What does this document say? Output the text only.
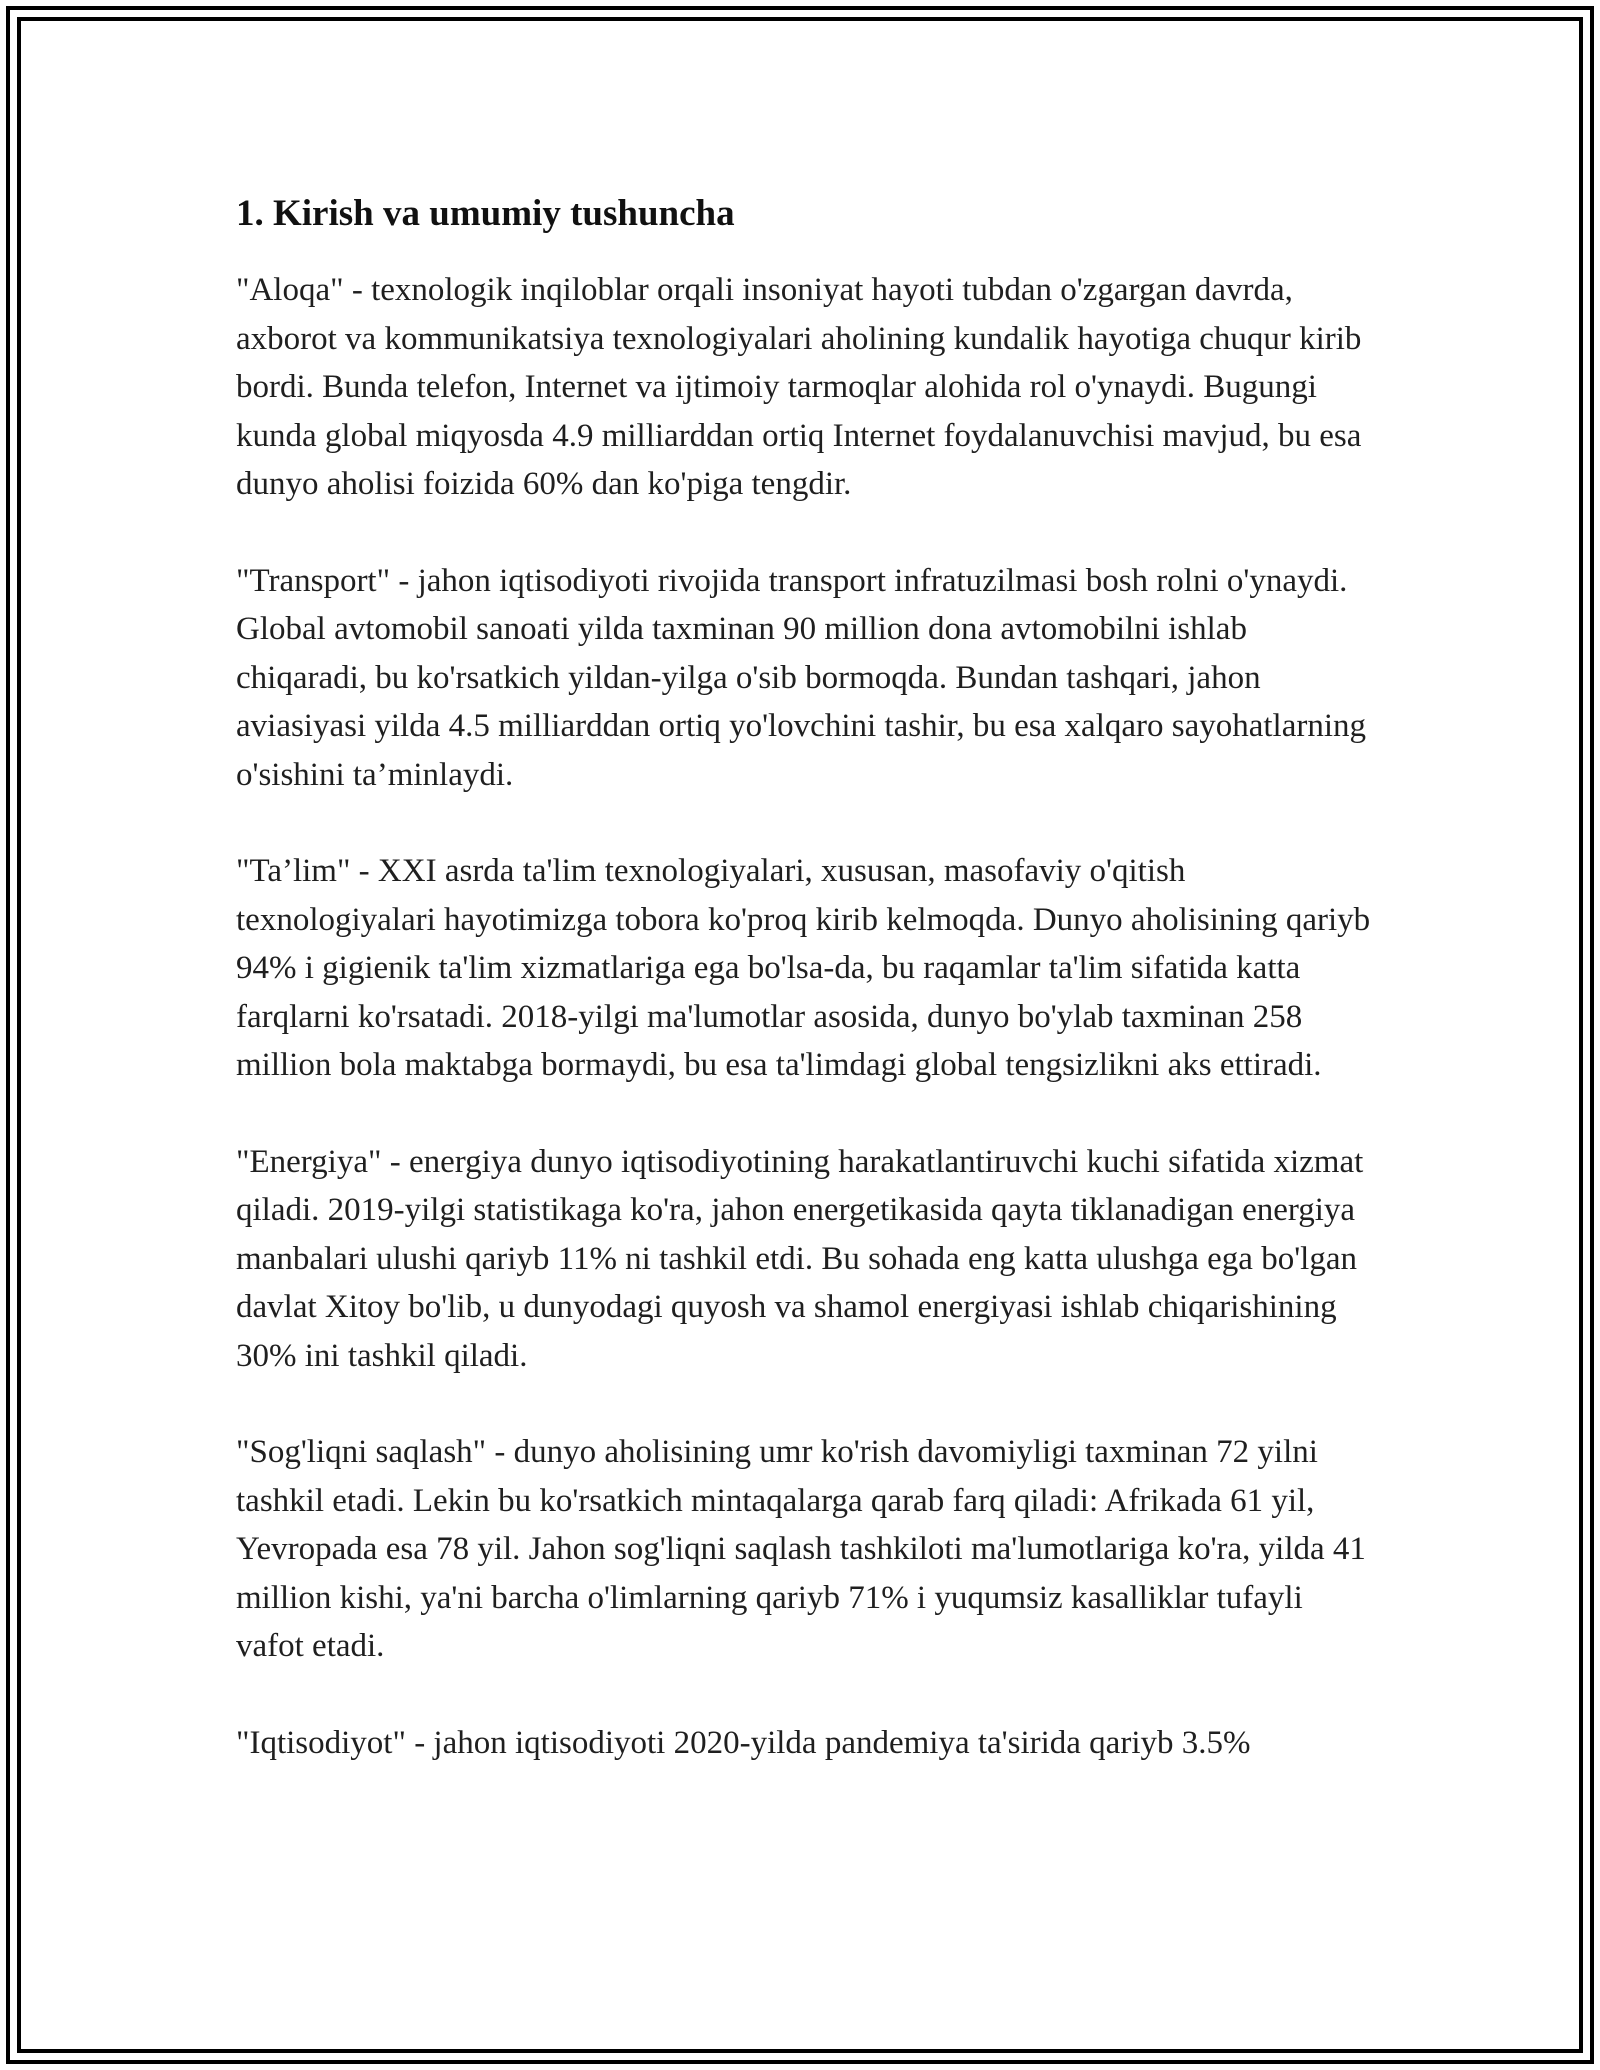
1. Kirish va umumiy tushuncha

"Aloqa" - texnologik inqiloblar orqali insoniyat hayoti tubdan o'zgargan davrda, axborot va kommunikatsiya texnologiyalari aholining kundalik hayotiga chuqur kirib bordi. Bunda telefon, Internet va ijtimoiy tarmoqlar alohida rol o'ynaydi. Bugungi kunda global miqyosda 4.9 milliarddan ortiq Internet foydalanuvchisi mavjud, bu esa dunyo aholisi foizida 60% dan ko'piga tengdir.

"Transport" - jahon iqtisodiyoti rivojida transport infratuzilmasi bosh rolni o'ynaydi. Global avtomobil sanoati yilda taxminan 90 million dona avtomobilni ishlab chiqaradi, bu ko'rsatkich yildan-yilga o'sib bormoqda. Bundan tashqari, jahon aviasiyasi yilda 4.5 milliarddan ortiq yo'lovchini tashir, bu esa xalqaro sayohatlarning o'sishini ta’minlaydi.

"Ta’lim" - XXI asrda ta'lim texnologiyalari, xususan, masofaviy o'qitish texnologiyalari hayotimizga tobora ko'proq kirib kelmoqda. Dunyo aholisining qariyb 94% i gigienik ta'lim xizmatlariga ega bo'lsa-da, bu raqamlar ta'lim sifatida katta farqlarni ko'rsatadi. 2018-yilgi ma'lumotlar asosida, dunyo bo'ylab taxminan 258 million bola maktabga bormaydi, bu esa ta'limdagi global tengsizlikni aks ettiradi.

"Energiya" - energiya dunyo iqtisodiyotining harakatlantiruvchi kuchi sifatida xizmat qiladi. 2019-yilgi statistikaga ko'ra, jahon energetikasida qayta tiklanadigan energiya manbalari ulushi qariyb 11% ni tashkil etdi. Bu sohada eng katta ulushga ega bo'lgan davlat Xitoy bo'lib, u dunyodagi quyosh va shamol energiyasi ishlab chiqarishining 30% ini tashkil qiladi.

"Sog'liqni saqlash" - dunyo aholisining umr ko'rish davomiyligi taxminan 72 yilni tashkil etadi. Lekin bu ko'rsatkich mintaqalarga qarab farq qiladi: Afrikada 61 yil, Yevropada esa 78 yil. Jahon sog'liqni saqlash tashkiloti ma'lumotlariga ko'ra, yilda 41 million kishi, ya'ni barcha o'limlarning qariyb 71% i yuqumsiz kasalliklar tufayli vafot etadi.

"Iqtisodiyot" - jahon iqtisodiyoti 2020-yilda pandemiya ta'sirida qariyb 3.5%
